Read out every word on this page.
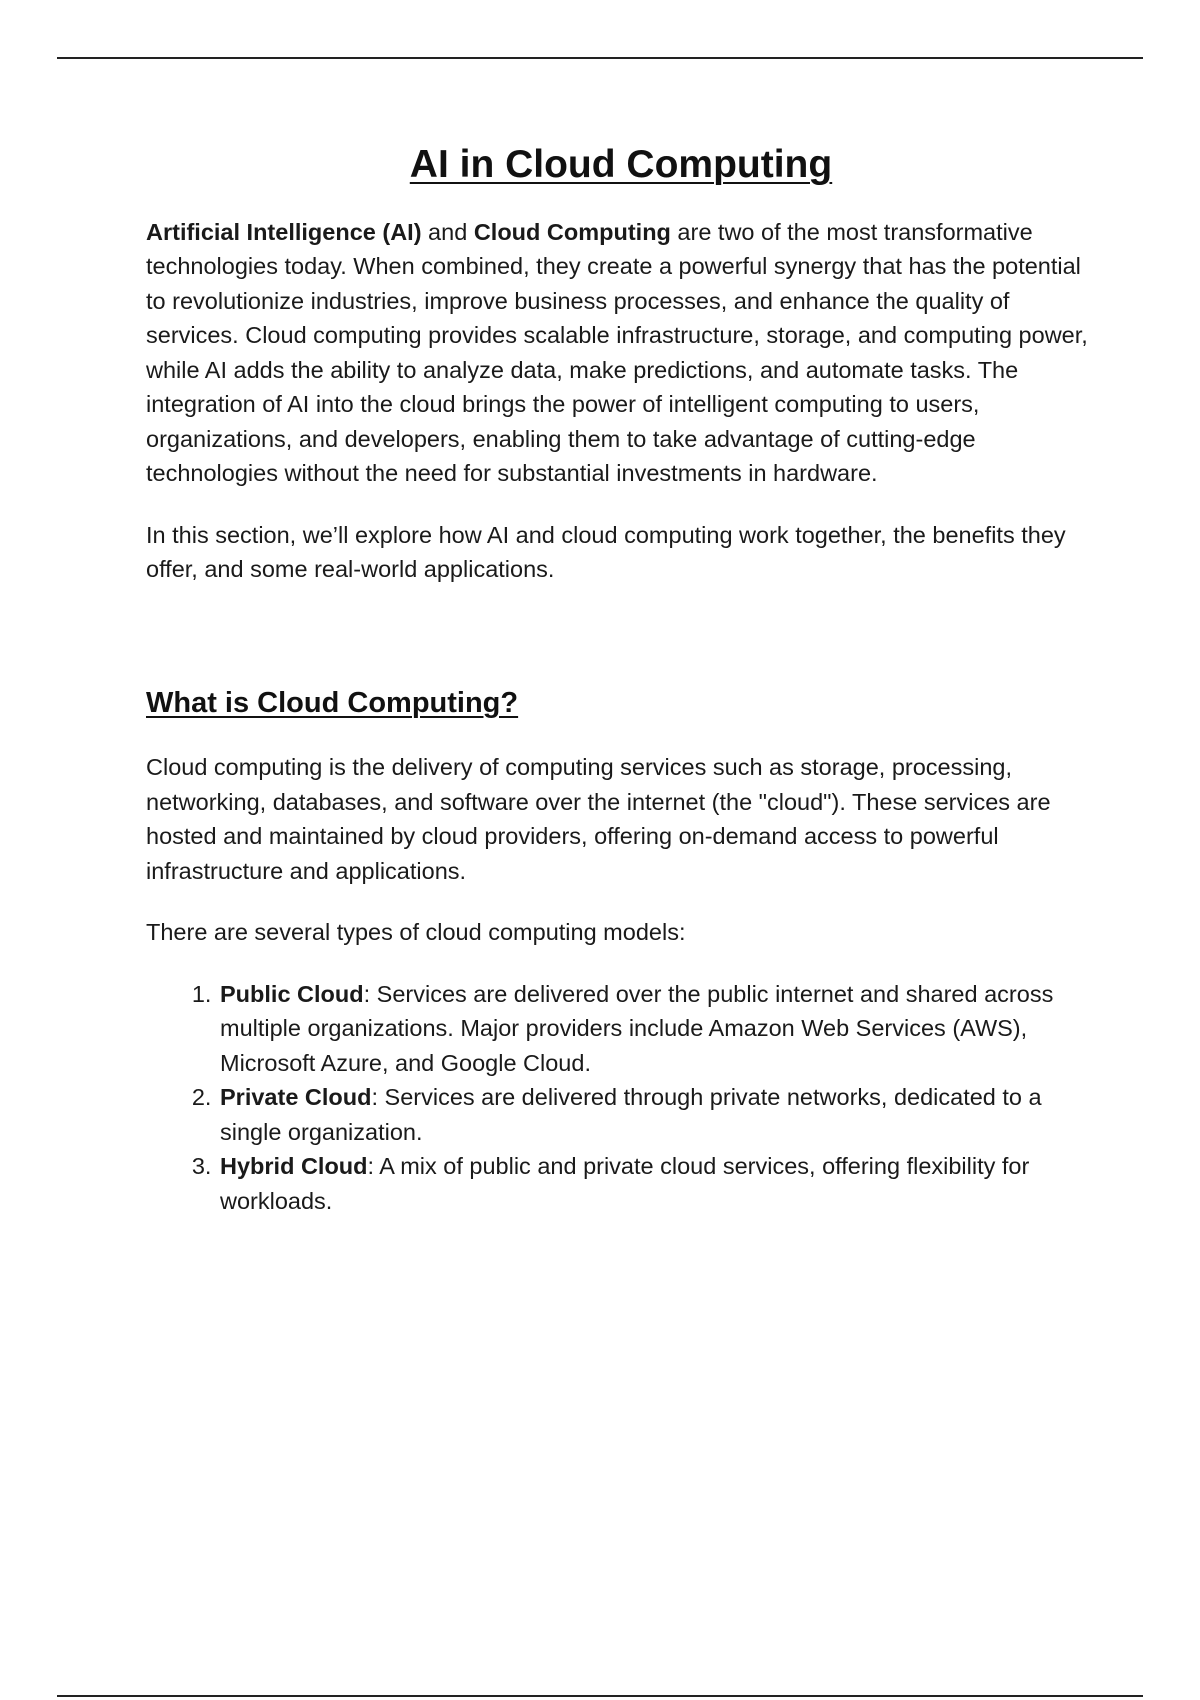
AI in Cloud Computing

Artificial Intelligence (AI) and Cloud Computing are two of the most transformative technologies today. When combined, they create a powerful synergy that has the potential to revolutionize industries, improve business processes, and enhance the quality of services. Cloud computing provides scalable infrastructure, storage, and computing power, while AI adds the ability to analyze data, make predictions, and automate tasks. The integration of AI into the cloud brings the power of intelligent computing to users, organizations, and developers, enabling them to take advantage of cutting-edge technologies without the need for substantial investments in hardware.

In this section, we’ll explore how AI and cloud computing work together, the benefits they offer, and some real-world applications.

What is Cloud Computing?

Cloud computing is the delivery of computing services such as storage, processing, networking, databases, and software over the internet (the "cloud"). These services are hosted and maintained by cloud providers, offering on-demand access to powerful infrastructure and applications.

There are several types of cloud computing models:

1. Public Cloud: Services are delivered over the public internet and shared across multiple organizations. Major providers include Amazon Web Services (AWS), Microsoft Azure, and Google Cloud.
2. Private Cloud: Services are delivered through private networks, dedicated to a single organization.
3. Hybrid Cloud: A mix of public and private cloud services, offering flexibility for workloads.
